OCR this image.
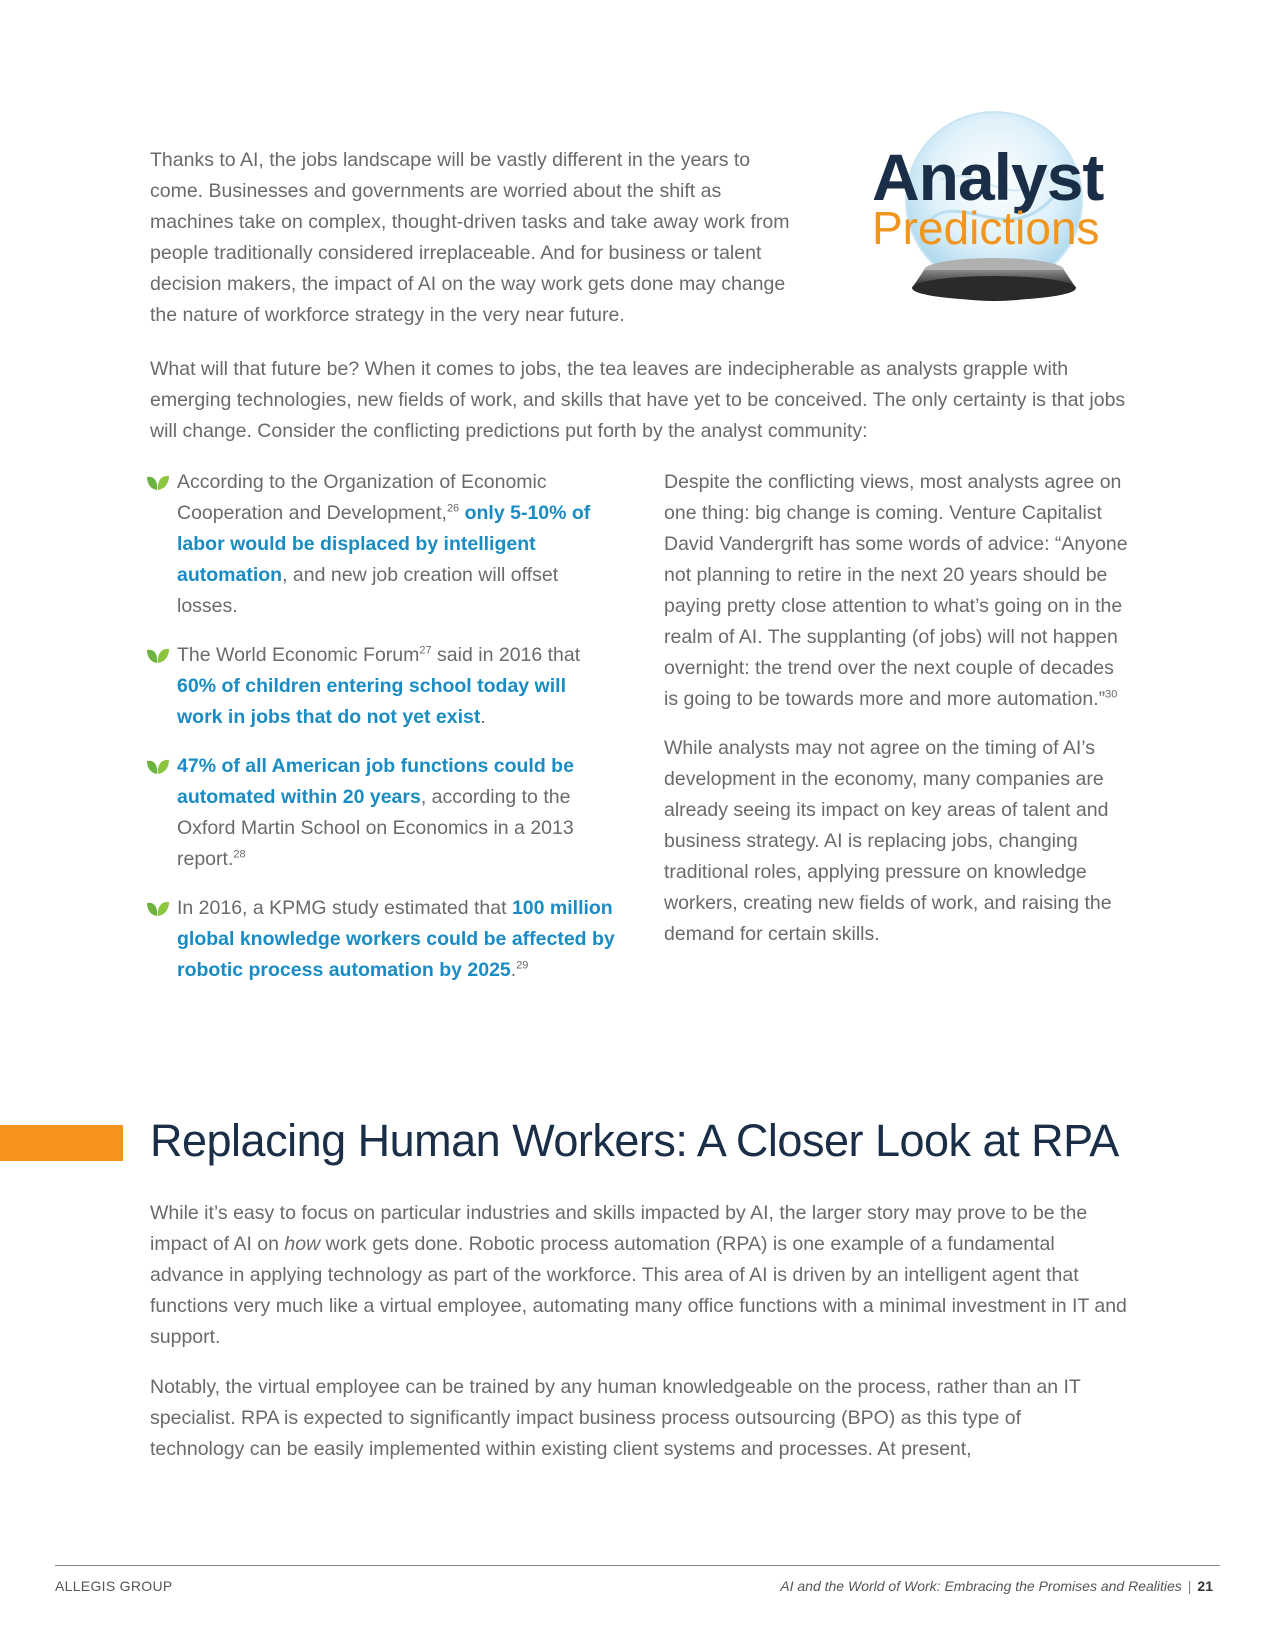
Thanks to AI, the jobs landscape will be vastly different in the years to come. Businesses and governments are worried about the shift as machines take on complex, thought-driven tasks and take away work from people traditionally considered irreplaceable. And for business or talent decision makers, the impact of AI on the way work gets done may change the nature of workforce strategy in the very near future.

Analyst
Predictions

What will that future be? When it comes to jobs, the tea leaves are indecipherable as analysts grapple with emerging technologies, new fields of work, and skills that have yet to be conceived. The only certainty is that jobs will change. Consider the conflicting predictions put forth by the analyst community:

According to the Organization of Economic Cooperation and Development,$^{26}$ only 5-10% of labor would be displaced by intelligent automation, and new job creation will offset losses.
The World Economic Forum$^{27}$ said in 2016 that 60% of children entering school today will work in jobs that do not yet exist.
47% of all American job functions could be automated within 20 years, according to the Oxford Martin School on Economics in a 2013 report.$^{28}$
In 2016, a KPMG study estimated that 100 million global knowledge workers could be affected by robotic process automation by 2025.29

Despite the conflicting views, most analysts agree on one thing: big change is coming. Venture Capitalist David Vandergrift has some words of advice: “Anyone not planning to retire in the next 20 years should be paying pretty close attention to what’s going on in the realm of AI. The supplanting (of jobs) will not happen overnight: the trend over the next couple of decades is going to be towards more and more automation.”$^{30}$

While analysts may not agree on the timing of AI’s development in the economy, many companies are already seeing its impact on key areas of talent and business strategy. AI is replacing jobs, changing traditional roles, applying pressure on knowledge workers, creating new fields of work, and raising the demand for certain skills.

Replacing Human Workers: A Closer Look at RPA

While it’s easy to focus on particular industries and skills impacted by AI, the larger story may prove to be the impact of AI on how work gets done. Robotic process automation (RPA) is one example of a fundamental advance in applying technology as part of the workforce. This area of AI is driven by an intelligent agent that functions very much like a virtual employee, automating many office functions with a minimal investment in IT and support.

Notably, the virtual employee can be trained by any human knowledgeable on the process, rather than an IT specialist. RPA is expected to significantly impact business process outsourcing (BPO) as this type of technology can be easily implemented within existing client systems and processes. At present,

ALLEGIS GROUP	AI and the World of Work: Embracing the Promises and Realities | 21
